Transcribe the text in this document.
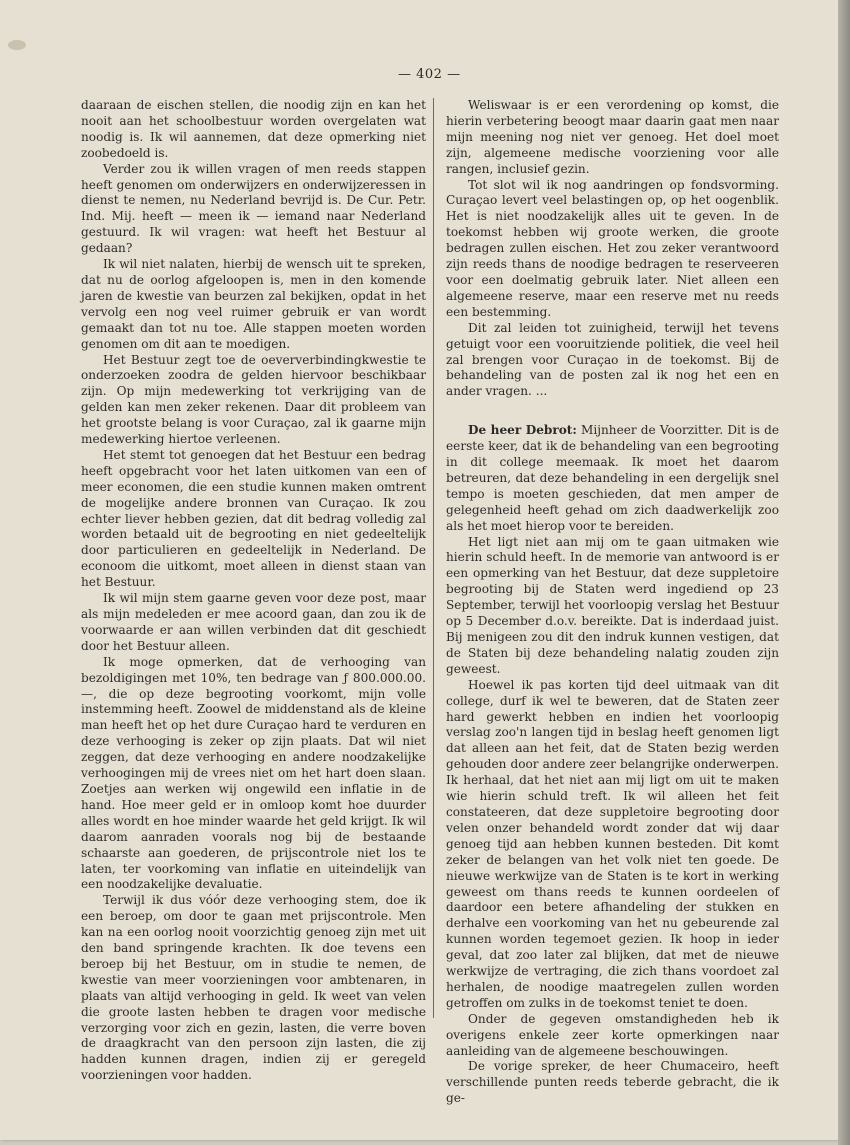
— 402 —

daaraan de eischen stellen, die noodig zijn en kan het nooit aan het schoolbestuur worden overgelaten wat noodig is. Ik wil aannemen, dat deze opmerking niet zoobedoeld is.

Verder zou ik willen vragen of men reeds stappen heeft genomen om onderwijzers en onderwijzeressen in dienst te nemen, nu Nederland bevrijd is. De Cur. Petr. Ind. Mij. heeft — meen ik — iemand naar Nederland gestuurd. Ik wil vragen: wat heeft het Bestuur al gedaan?

Ik wil niet nalaten, hierbij de wensch uit te spreken, dat nu de oorlog afgeloopen is, men in den komende jaren de kwestie van beurzen zal bekijken, opdat in het vervolg een nog veel ruimer gebruik er van wordt gemaakt dan tot nu toe. Alle stappen moeten worden genomen om dit aan te moedigen.

Het Bestuur zegt toe de oeververbindingkwestie te onderzoeken zoodra de gelden hiervoor beschikbaar zijn. Op mijn medewerking tot verkrijging van de gelden kan men zeker rekenen. Daar dit probleem van het grootste belang is voor Curaçao, zal ik gaarne mijn medewerking hiertoe verleenen.

Het stemt tot genoegen dat het Bestuur een bedrag heeft opgebracht voor het laten uitkomen van een of meer economen, die een studie kunnen maken omtrent de mogelijke andere bronnen van Curaçao. Ik zou echter liever hebben gezien, dat dit bedrag volledig zal worden betaald uit de begrooting en niet gedeeltelijk door particulieren en gedeeltelijk in Nederland. De econoom die uitkomt, moet alleen in dienst staan van het Bestuur.

Ik wil mijn stem gaarne geven voor deze post, maar als mijn medeleden er mee acoord gaan, dan zou ik de voorwaarde er aan willen verbinden dat dit geschiedt door het Bestuur alleen.

Ik moge opmerken, dat de verhooging van bezoldigingen met 10%, ten bedrage van ƒ 800.000.00.—, die op deze begrooting voorkomt, mijn volle instemming heeft. Zoowel de middenstand als de kleine man heeft het op het dure Curaçao hard te verduren en deze verhooging is zeker op zijn plaats. Dat wil niet zeggen, dat deze verhooging en andere noodzakelijke verhoogingen mij de vrees niet om het hart doen slaan. Zoetjes aan werken wij ongewild een inflatie in de hand. Hoe meer geld er in omloop komt hoe duurder alles wordt en hoe minder waarde het geld krijgt. Ik wil daarom aanraden voorals nog bij de bestaande schaarste aan goederen, de prijscontrole niet los te laten, ter voorkoming van inflatie en uiteindelijk van een noodzakelijke devaluatie.

Terwijl ik dus vóór deze verhooging stem, doe ik een beroep, om door te gaan met prijscontrole. Men kan na een oorlog nooit voorzichtig genoeg zijn met uit den band springende krachten. Ik doe tevens een beroep bij het Bestuur, om in studie te nemen, de kwestie van meer voorzieningen voor ambtenaren, in plaats van altijd verhooging in geld. Ik weet van velen die groote lasten hebben te dragen voor medische verzorging voor zich en gezin, lasten, die verre boven de draagkracht van den persoon zijn lasten, die zij hadden kunnen dragen, indien zij er geregeld voorzieningen voor hadden.

Weliswaar is er een verordening op komst, die hierin verbetering beoogt maar daarin gaat men naar mijn meening nog niet ver genoeg. Het doel moet zijn, algemeene medische voorziening voor alle rangen, inclusief gezin.

Tot slot wil ik nog aandringen op fondsvorming. Curaçao levert veel belastingen op, op het oogenblik. Het is niet noodzakelijk alles uit te geven. In de toekomst hebben wij groote werken, die groote bedragen zullen eischen. Het zou zeker verantwoord zijn reeds thans de noodige bedragen te reserveeren voor een doelmatig gebruik later. Niet alleen een algemeene reserve, maar een reserve met nu reeds een bestemming.

Dit zal leiden tot zuinigheid, terwijl het tevens getuigt voor een vooruitziende politiek, die veel heil zal brengen voor Curaçao in de toekomst. Bij de behandeling van de posten zal ik nog het een en ander vragen. ...

De heer Debrot: Mijnheer de Voorzitter. Dit is de eerste keer, dat ik de behandeling van een begrooting in dit college meemaak. Ik moet het daarom betreuren, dat deze behandeling in een dergelijk snel tempo is moeten geschieden, dat men amper de gelegenheid heeft gehad om zich daadwerkelijk zoo als het moet hierop voor te bereiden.

Het ligt niet aan mij om te gaan uitmaken wie hierin schuld heeft. In de memorie van antwoord is er een opmerking van het Bestuur, dat deze suppletoire begrooting bij de Staten werd ingediend op 23 September, terwijl het voorloopig verslag het Bestuur op 5 December d.o.v. bereikte. Dat is inderdaad juist. Bij menigeen zou dit den indruk kunnen vestigen, dat de Staten bij deze behandeling nalatig zouden zijn geweest.

Hoewel ik pas korten tijd deel uitmaak van dit college, durf ik wel te beweren, dat de Staten zeer hard gewerkt hebben en indien het voorloopig verslag zoo'n langen tijd in beslag heeft genomen ligt dat alleen aan het feit, dat de Staten bezig werden gehouden door andere zeer belangrijke onderwerpen. Ik herhaal, dat het niet aan mij ligt om uit te maken wie hierin schuld treft. Ik wil alleen het feit constateeren, dat deze suppletoire begrooting door velen onzer behandeld wordt zonder dat wij daar genoeg tijd aan hebben kunnen besteden. Dit komt zeker de belangen van het volk niet ten goede. De nieuwe werkwijze van de Staten is te kort in werking geweest om thans reeds te kunnen oordeelen of daardoor een betere afhandeling der stukken en derhalve een voorkoming van het nu gebeurende zal kunnen worden tegemoet gezien. Ik hoop in ieder geval, dat zoo later zal blijken, dat met de nieuwe werkwijze de vertraging, die zich thans voordoet zal herhalen, de noodige maatregelen zullen worden getroffen om zulks in de toekomst teniet te doen.

Onder de gegeven omstandigheden heb ik overigens enkele zeer korte opmerkingen naar aanleiding van de algemeene beschouwingen.

De vorige spreker, de heer Chumaceiro, heeft verschillende punten reeds teberde gebracht, die ik ge-
